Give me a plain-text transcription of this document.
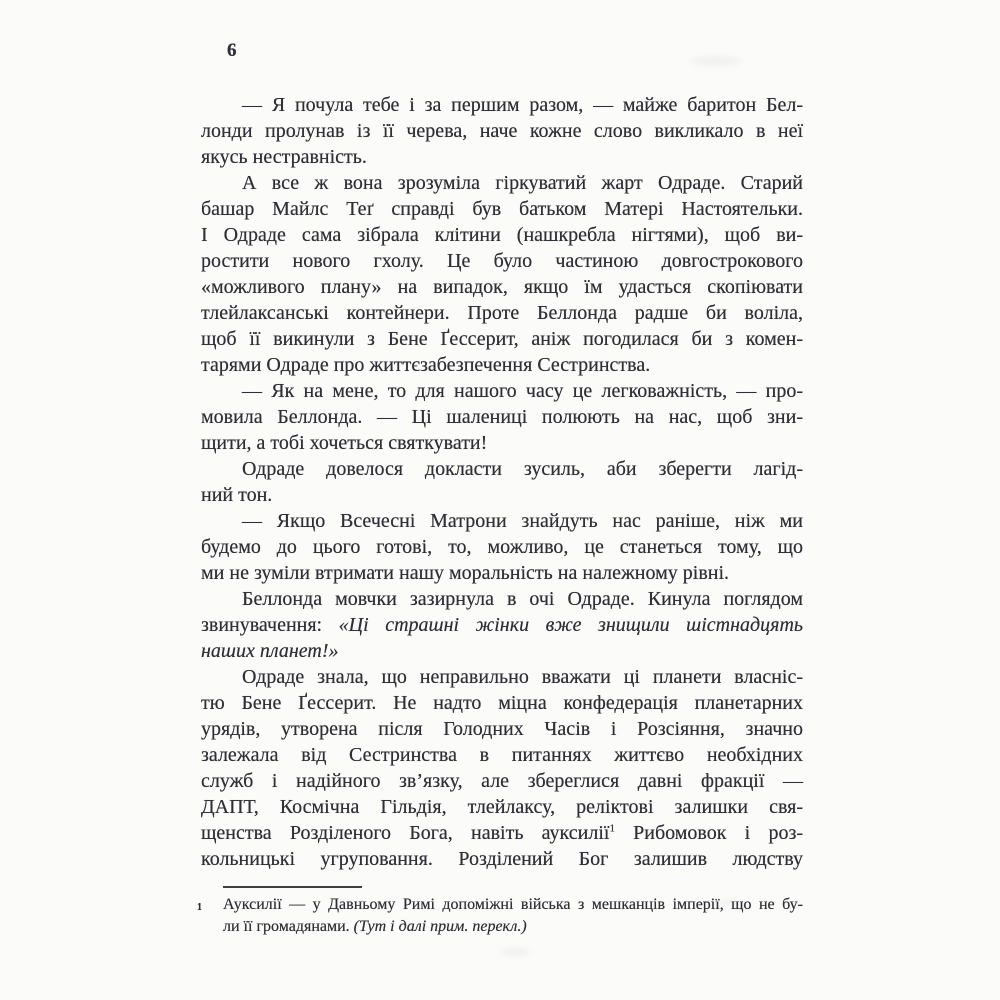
6
— Я почула тебе і за першим разом, — майже баритон Бел-
лонди пролунав із її черева, наче кожне слово викликало в неї
якусь нестравність.
А все ж вона зрозуміла гіркуватий жарт Одраде. Старий
башар Майлс Теґ справді був батьком Матері Настоятельки.
І Одраде сама зібрала клітини (нашкребла нігтями), щоб ви-
ростити нового гхолу. Це було частиною довгострокового
«можливого плану» на випадок, якщо їм удасться скопіювати
тлейлаксанські контейнери. Проте Беллонда радше би воліла,
щоб її викинули з Бене Ґессерит, аніж погодилася би з комен-
тарями Одраде про життєзабезпечення Сестринства.
— Як на мене, то для нашого часу це легковажність, — про-
мовила Беллонда. — Ці шалениці полюють на нас, щоб зни-
щити, а тобі хочеться святкувати!
Одраде довелося докласти зусиль, аби зберегти лагід-
ний тон.
— Якщо Всечесні Матрони знайдуть нас раніше, ніж ми
будемо до цього готові, то, можливо, це станеться тому, що
ми не зуміли втримати нашу моральність на належному рівні.
Беллонда мовчки зазирнула в очі Одраде. Кинула поглядом
звинувачення: «Ці страшні жінки вже знищили шістнадцять
наших планет!»
Одраде знала, що неправильно вважати ці планети власніс-
тю Бене Ґессерит. Не надто міцна конфедерація планетарних
урядів, утворена після Голодних Часів і Розсіяння, значно
залежала від Сестринства в питаннях життєво необхідних
служб і надійного зв’язку, але збереглися давні фракції —
ДАПТ, Космічна Гільдія, тлейлаксу, реліктові залишки свя-
щенства Розділеного Бога, навіть ауксилії$^1$ Рибомовок і роз-
кольницькі угруповання. Розділений Бог залишив людству
1 Ауксилії — у Давньому Римі допоміжні війська з мешканців імперії, що не бу-
ли її громадянами. (Тут і далі прим. перекл.)
